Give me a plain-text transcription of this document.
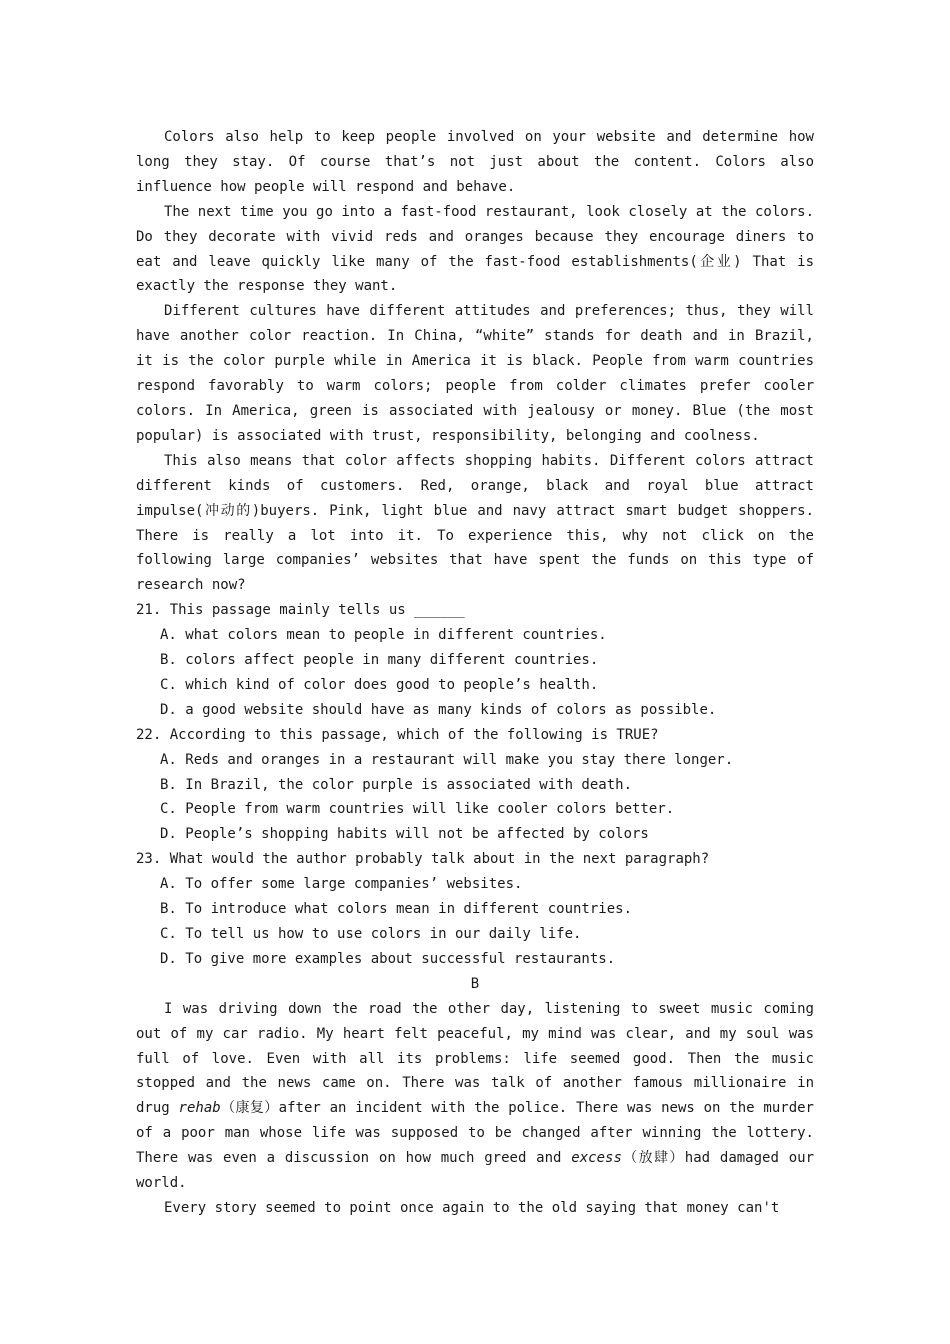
Colors also help to keep people involved on your website and determine how long they stay. Of course that’s not just about the content. Colors also influence how people will respond and behave.

The next time you go into a fast-food restaurant, look closely at the colors. Do they decorate with vivid reds and oranges because they encourage diners to eat and leave quickly like many of the fast-food establishments(企业) That is exactly the response they want.

Different cultures have different attitudes and preferences; thus, they will have another color reaction. In China, “white” stands for death and in Brazil, it is the color purple while in America it is black. People from warm countries respond favorably to warm colors; people from colder climates prefer cooler colors. In America, green is associated with jealousy or money. Blue (the most popular) is associated with trust, responsibility, belonging and coolness.

This also means that color affects shopping habits. Different colors attract different kinds of customers. Red, orange, black and royal blue attract impulse(冲动的)buyers. Pink, light blue and navy attract smart budget shoppers. There is really a lot into it. To experience this, why not click on the following large companies’ websites that have spent the funds on this type of research now?

21. This passage mainly tells us ______

A. what colors mean to people in different countries.

B. colors affect people in many different countries.

C. which kind of color does good to people’s health.

D. a good website should have as many kinds of colors as possible.

22. According to this passage, which of the following is TRUE?

A. Reds and oranges in a restaurant will make you stay there longer.

B. In Brazil, the color purple is associated with death.

C. People from warm countries will like cooler colors better.

D. People’s shopping habits will not be affected by colors

23. What would the author probably talk about in the next paragraph?

A. To offer some large companies’ websites.

B. To introduce what colors mean in different countries.

C. To tell us how to use colors in our daily life.

D. To give more examples about successful restaurants.

B

I was driving down the road the other day, listening to sweet music coming out of my car radio. My heart felt peaceful, my mind was clear, and my soul was full of love. Even with all its problems: life seemed good. Then the music stopped and the news came on. There was talk of another famous millionaire in drug rehab（康复）after an incident with the police. There was news on the murder of a poor man whose life was supposed to be changed after winning the lottery. There was even a discussion on how much greed and excess（放肆）had damaged our world.

Every story seemed to point once again to the old saying that money can't
